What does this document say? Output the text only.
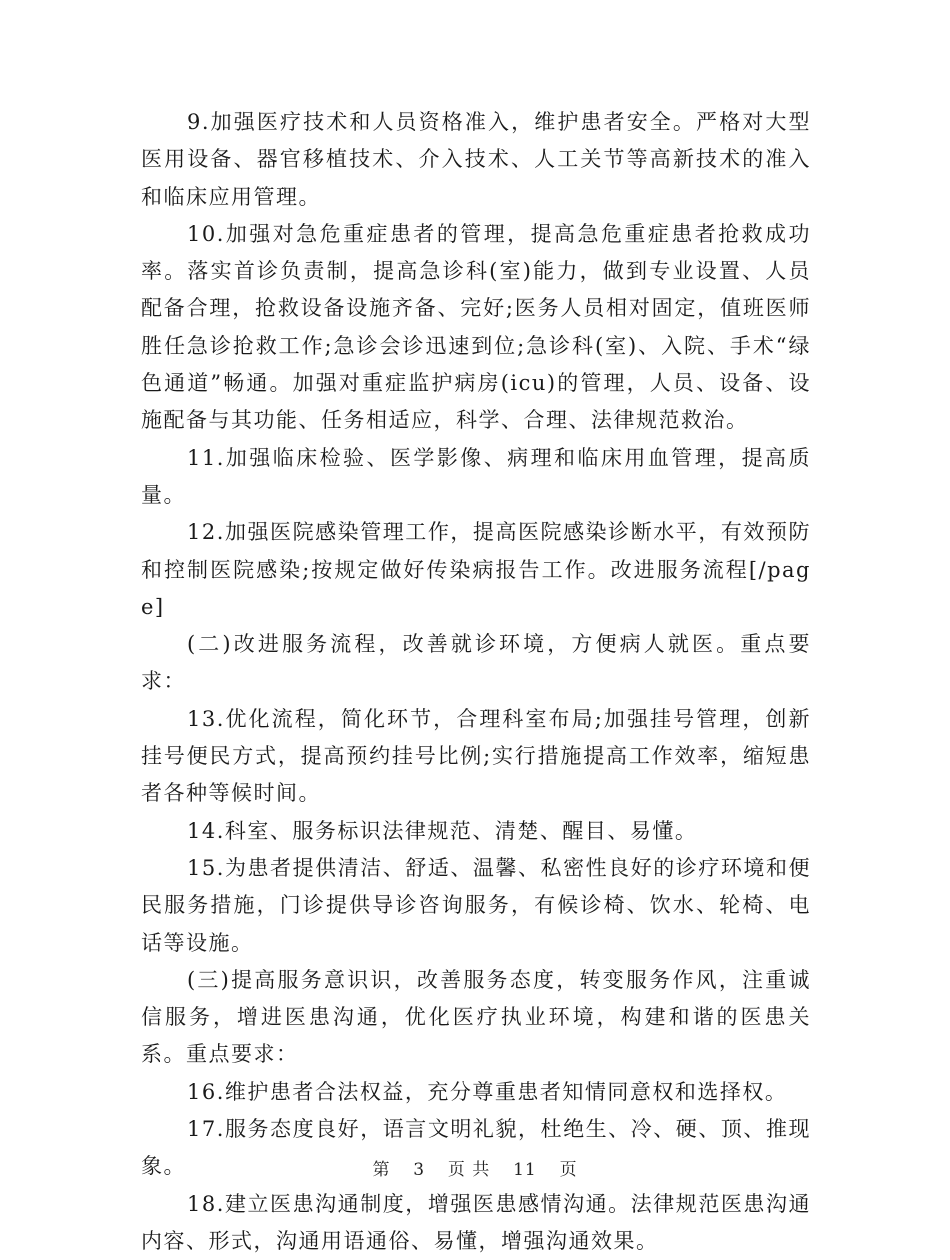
9.加强医疗技术和人员资格准入，维护患者安全。严格对大型医用设备、器官移植技术、介入技术、人工关节等高新技术的准入和临床应用管理。

10.加强对急危重症患者的管理，提高急危重症患者抢救成功率。落实首诊负责制，提高急诊科(室)能力，做到专业设置、人员配备合理，抢救设备设施齐备、完好;医务人员相对固定，值班医师胜任急诊抢救工作;急诊会诊迅速到位;急诊科(室)、入院、手术“绿色通道”畅通。加强对重症监护病房(icu)的管理，人员、设备、设施配备与其功能、任务相适应，科学、合理、法律规范救治。

11.加强临床检验、医学影像、病理和临床用血管理，提高质量。

12.加强医院感染管理工作，提高医院感染诊断水平，有效预防和控制医院感染;按规定做好传染病报告工作。改进服务流程[/page]

(二)改进服务流程，改善就诊环境，方便病人就医。重点要求：

13.优化流程，简化环节，合理科室布局;加强挂号管理，创新挂号便民方式，提高预约挂号比例;实行措施提高工作效率，缩短患者各种等候时间。

14.科室、服务标识法律规范、清楚、醒目、易懂。

15.为患者提供清洁、舒适、温馨、私密性良好的诊疗环境和便民服务措施，门诊提供导诊咨询服务，有候诊椅、饮水、轮椅、电话等设施。

(三)提高服务意识识，改善服务态度，转变服务作风，注重诚信服务，增进医患沟通，优化医疗执业环境，构建和谐的医患关系。重点要求：

16.维护患者合法权益，充分尊重患者知情同意权和选择权。

17.服务态度良好，语言文明礼貌，杜绝生、冷、硬、顶、推现象。

18.建立医患沟通制度，增强医患感情沟通。法律规范医患沟通内容、形式，沟通用语通俗、易懂，增强沟通效果。

第 3 页 共 11 页
